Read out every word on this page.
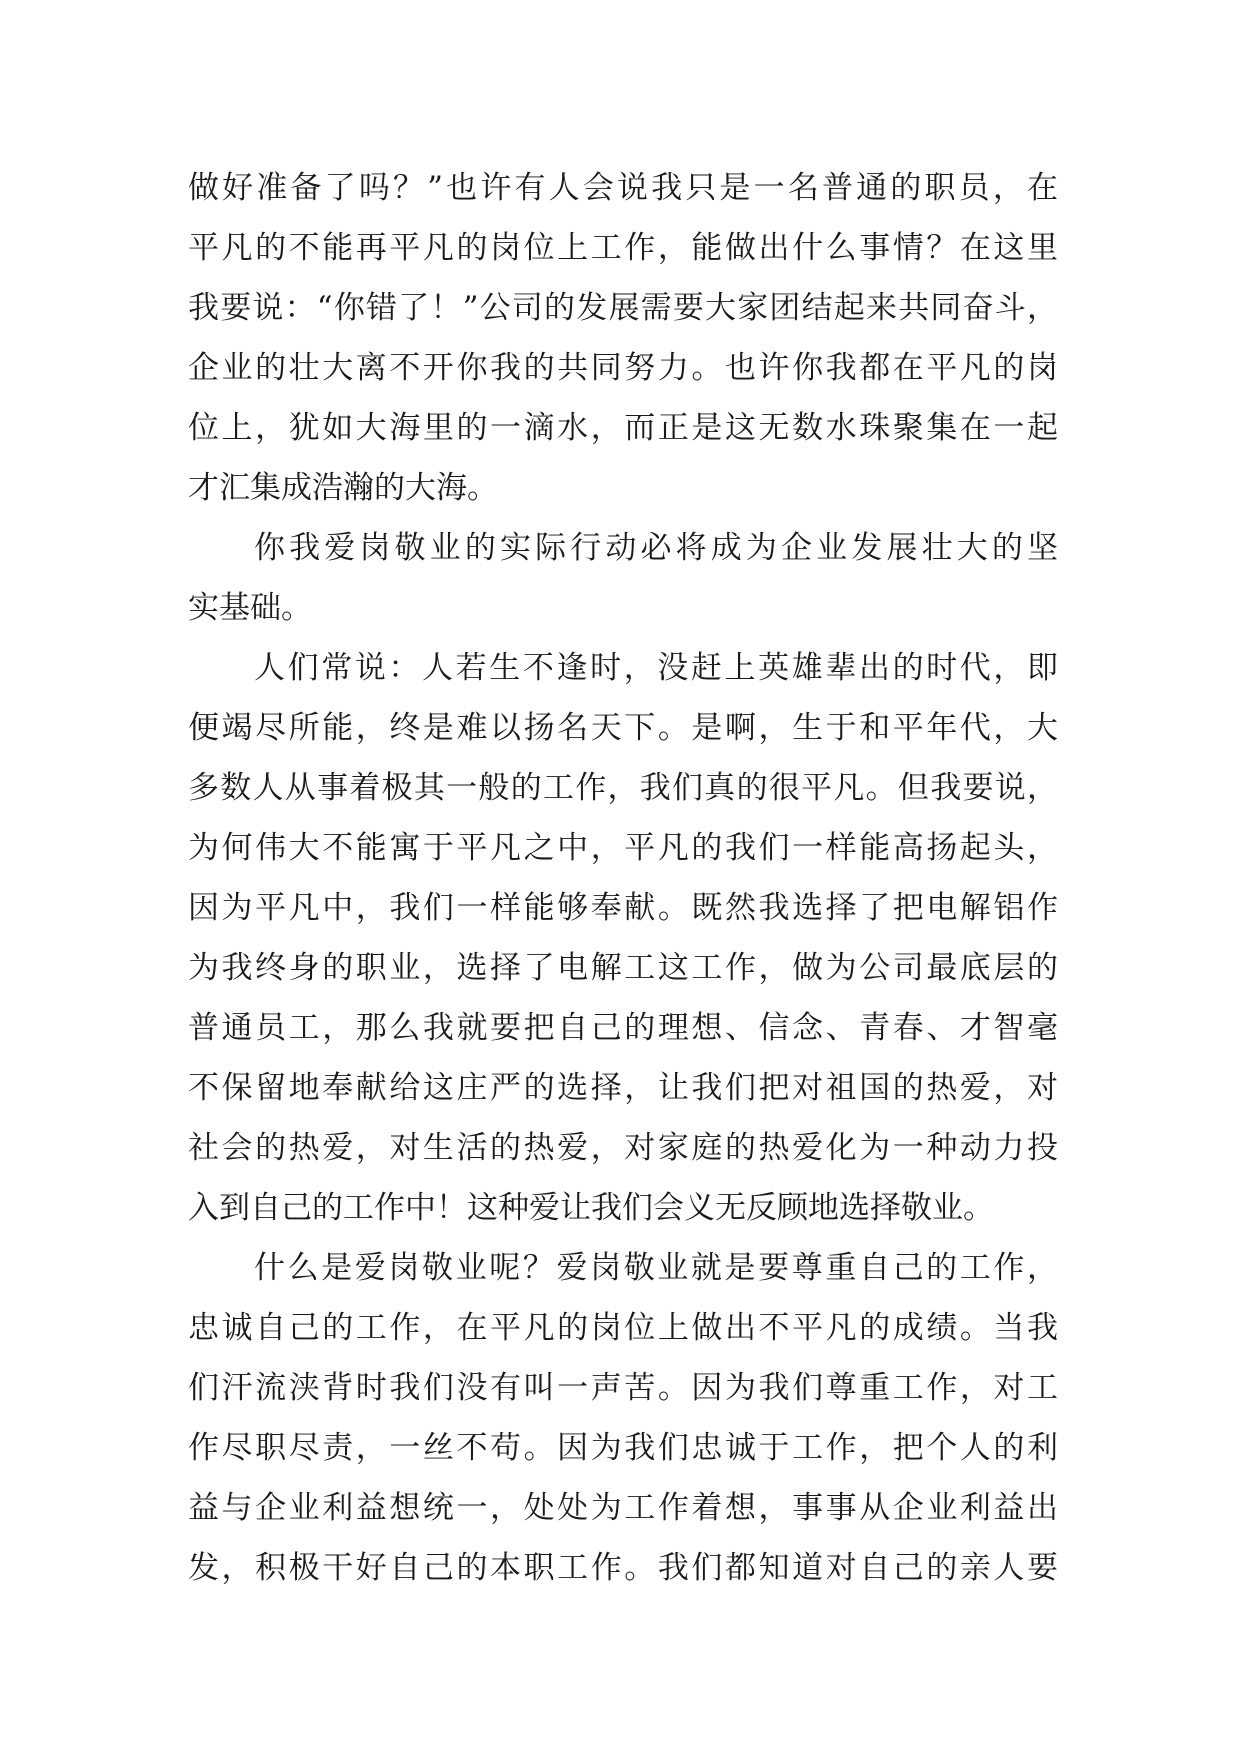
做好准备了吗？”也许有人会说我只是一名普通的职员，在
平凡的不能再平凡的岗位上工作，能做出什么事情？在这里
我要说：“你错了！”公司的发展需要大家团结起来共同奋斗，
企业的壮大离不开你我的共同努力。也许你我都在平凡的岗
位上，犹如大海里的一滴水，而正是这无数水珠聚集在一起
才汇集成浩瀚的大海。
你我爱岗敬业的实际行动必将成为企业发展壮大的坚
实基础。
人们常说：人若生不逢时，没赶上英雄辈出的时代，即
便竭尽所能，终是难以扬名天下。是啊，生于和平年代，大
多数人从事着极其一般的工作，我们真的很平凡。但我要说，
为何伟大不能寓于平凡之中，平凡的我们一样能高扬起头，
因为平凡中，我们一样能够奉献。既然我选择了把电解铝作
为我终身的职业，选择了电解工这工作，做为公司最底层的
普通员工，那么我就要把自己的理想、信念、青春、才智毫
不保留地奉献给这庄严的选择，让我们把对祖国的热爱，对
社会的热爱，对生活的热爱，对家庭的热爱化为一种动力投
入到自己的工作中！这种爱让我们会义无反顾地选择敬业。
什么是爱岗敬业呢？爱岗敬业就是要尊重自己的工作，
忠诚自己的工作，在平凡的岗位上做出不平凡的成绩。当我
们汗流浃背时我们没有叫一声苦。因为我们尊重工作，对工
作尽职尽责，一丝不苟。因为我们忠诚于工作，把个人的利
益与企业利益想统一，处处为工作着想，事事从企业利益出
发，积极干好自己的本职工作。我们都知道对自己的亲人要
